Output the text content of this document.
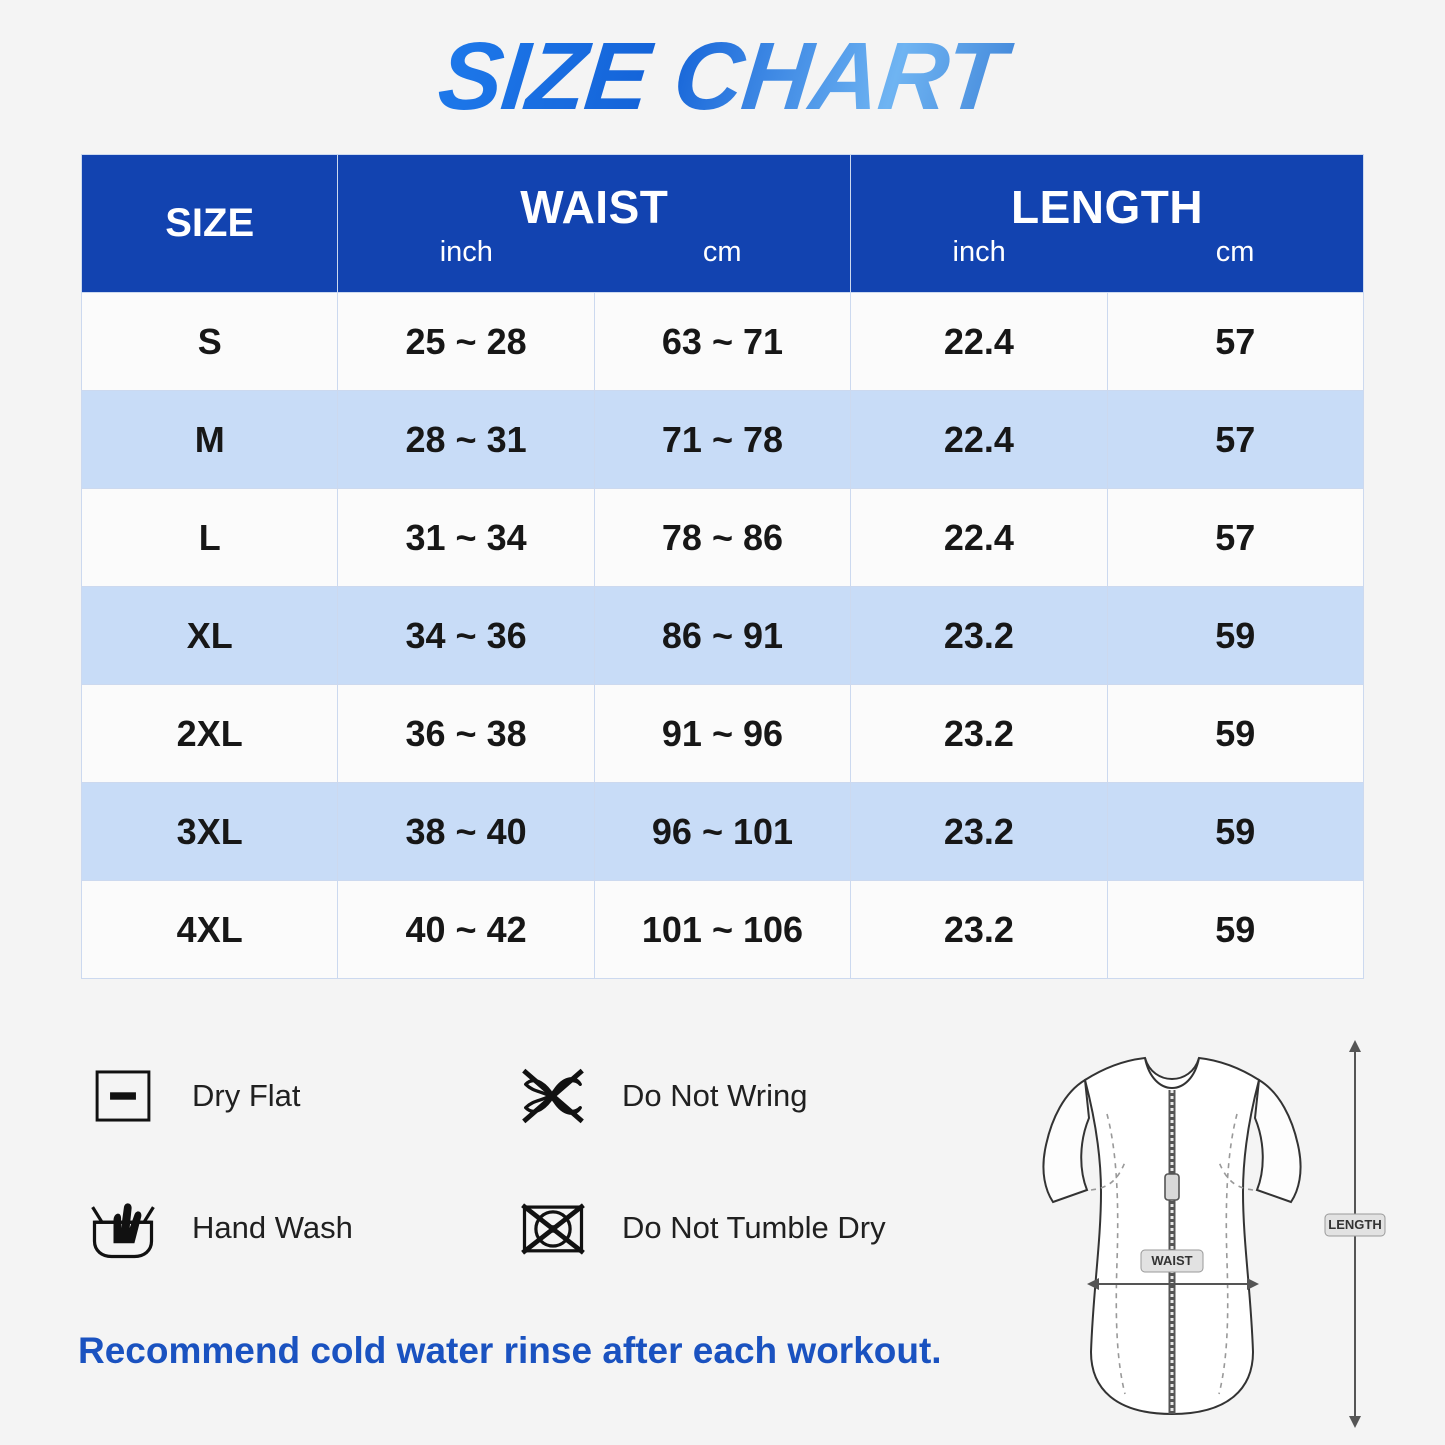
SIZE CHART
SIZE	WAIST
inch	cm

LENGTH
inch	cm

S	25 ~ 28	63 ~ 71	22.4	57
M	28 ~ 31	71 ~ 78	22.4	57
L	31 ~ 34	78 ~ 86	22.4	57
XL	34 ~ 36	86 ~ 91	23.2	59
2XL	36 ~ 38	91 ~ 96	23.2	59
3XL	38 ~ 40	96 ~ 101	23.2	59
4XL	40 ~ 42	101 ~ 106	23.2	59
Dry Flat	Do Not Wring
Hand Wash	Do Not Tumble Dry
Recommend cold water rinse after each workout.
LENGTH
WAIST
